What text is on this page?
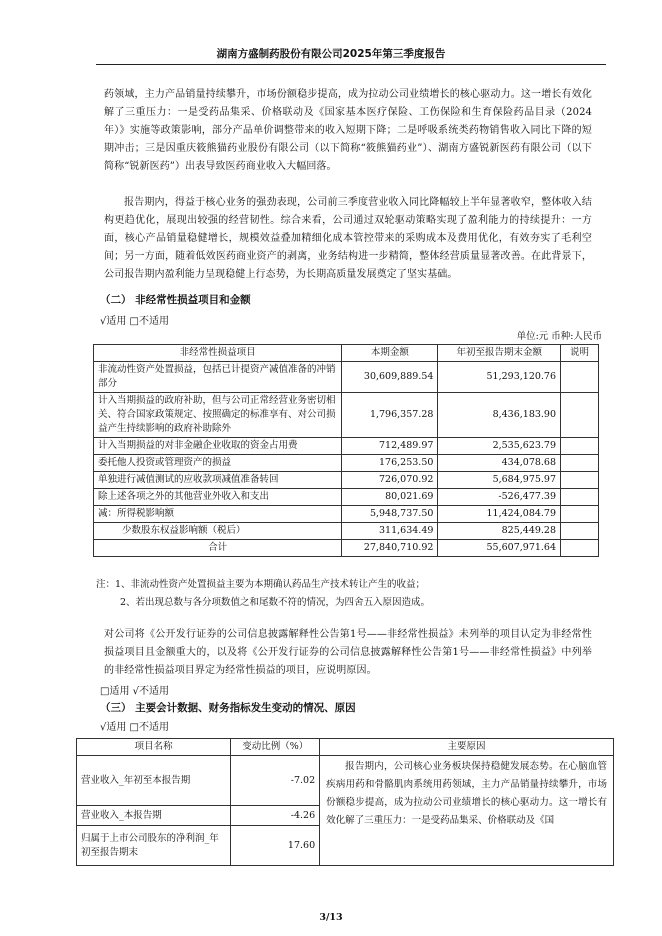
湖南方盛制药股份有限公司2025年第三季度报告
药领域，主力产品销量持续攀升，市场份额稳步提高，成为拉动公司业绩增长的核心驱动力。这一增长有效化解了三重压力：一是受药品集采、价格联动及《国家基本医疗保险、工伤保险和生育保险药品目录（2024年）》实施等政策影响，部分产品单价调整带来的收入短期下降；二是呼吸系统类药物销售收入同比下降的短期冲击；三是因重庆筱熊猫药业股份有限公司（以下简称“筱熊猫药业”）、湖南方盛锐新医药有限公司（以下简称“锐新医药”）出表导致医药商业收入大幅回落。
报告期内，得益于核心业务的强劲表现，公司前三季度营业收入同比降幅较上半年显著收窄，整体收入结构更趋优化，展现出较强的经营韧性。综合来看，公司通过双轮驱动策略实现了盈利能力的持续提升：一方面，核心产品销量稳健增长，规模效益叠加精细化成本管控带来的采购成本及费用优化，有效夯实了毛利空间；另一方面，随着低效医药商业资产的剥离，业务结构进一步精简，整体经营质量显著改善。在此背景下，公司报告期内盈利能力呈现稳健上行态势，为长期高质量发展奠定了坚实基础。
（二） 非经常性损益项目和金额
√适用 □不适用
单位:元 币种:人民币
非经常性损益项目	本期金额	年初至报告期末金额	说明
非流动性资产处置损益，包括已计提资产减值准备的冲销部分	30,609,889.54	51,293,120.76	
计入当期损益的政府补助，但与公司正常经营业务密切相关、符合国家政策规定、按照确定的标准享有、对公司损益产生持续影响的政府补助除外	1,796,357.28	8,436,183.90	
计入当期损益的对非金融企业收取的资金占用费	712,489.97	2,535,623.79	
委托他人投资或管理资产的损益	176,253.50	434,078.68	
单独进行减值测试的应收款项减值准备转回	726,070.92	5,684,975.97	
除上述各项之外的其他营业外收入和支出	80,021.69	-526,477.39	
减：所得税影响额	5,948,737.50	11,424,084.79	
少数股东权益影响额（税后）	311,634.49	825,449.28	
合计	27,840,710.92	55,607,971.64	
注：1、非流动性资产处置损益主要为本期确认药品生产技术转让产生的收益；
2、若出现总数与各分项数值之和尾数不符的情况，为四舍五入原因造成。
对公司将《公开发行证券的公司信息披露解释性公告第1号——非经常性损益》未列举的项目认定为非经常性损益项目且金额重大的，以及将《公开发行证券的公司信息披露解释性公告第1号——非经常性损益》中列举的非经常性损益项目界定为经常性损益的项目，应说明原因。
□适用 √不适用
（三） 主要会计数据、财务指标发生变动的情况、原因
√适用 □不适用
项目名称	变动比例（%）	主要原因
营业收入_年初至本报告期	-7.02	报告期内，公司核心业务板块保持稳健发展态势。在心脑血管疾病用药和骨骼肌肉系统用药领域，主力产品销量持续攀升，市场份额稳步提高，成为拉动公司业绩增长的核心驱动力。这一增长有效化解了三重压力：一是受药品集采、价格联动及《国
营业收入_本报告期	-4.26	
归属于上市公司股东的净利润_年初至报告期末	17.60	
3/13
